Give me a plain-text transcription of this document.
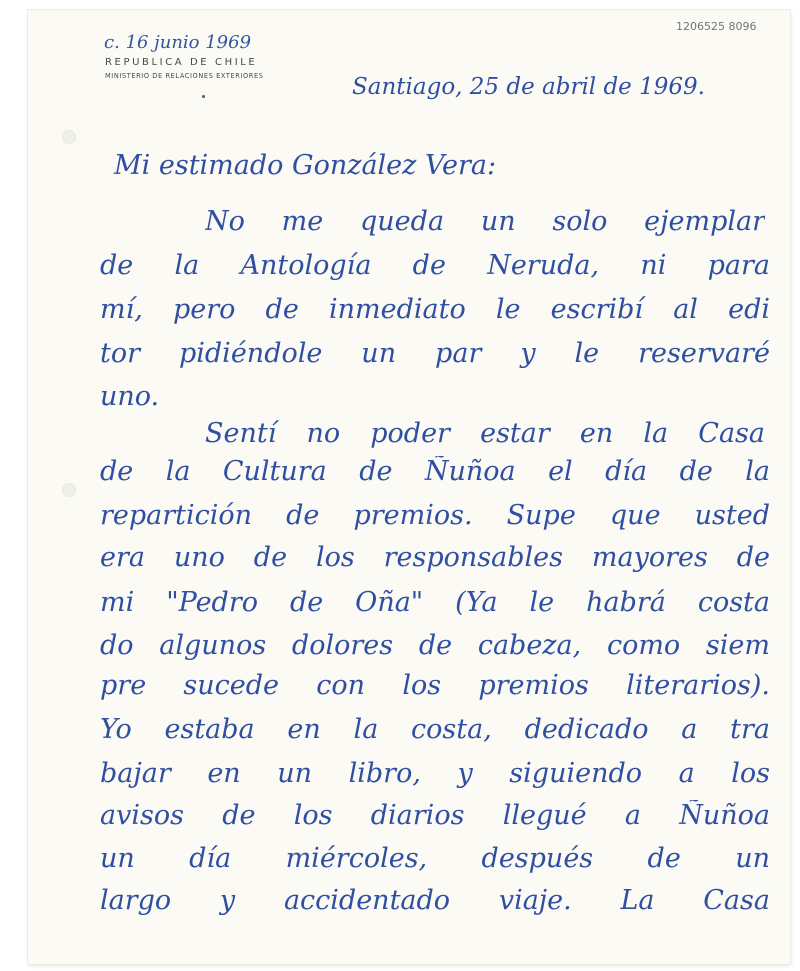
c. 16 junio 1969
1206525 8096
REPUBLICA DE CHILE
MINISTERIO DE RELACIONES EXTERIORES	Santiago, 25 de abril de 1969.
Mi estimado González Vera:
No me queda un solo ejemplar
de la Antología de Neruda, ni para
mí, pero de inmediato le escribí al edi
tor pidiéndole un par y le reservaré
uno.
Sentí no poder estar en la Casa
de la Cultura de Ñuñoa el día de la
repartición de premios. Supe que usted
era uno de los responsables mayores de
mi "Pedro de Oña" (Ya le habrá costa
do algunos dolores de cabeza, como siem
pre sucede con los premios literarios).
Yo estaba en la costa, dedicado a tra
bajar en un libro, y siguiendo a los
avisos de los diarios llegué a Ñuñoa
un día miércoles, después de un
largo y accidentado viaje. La Casa
